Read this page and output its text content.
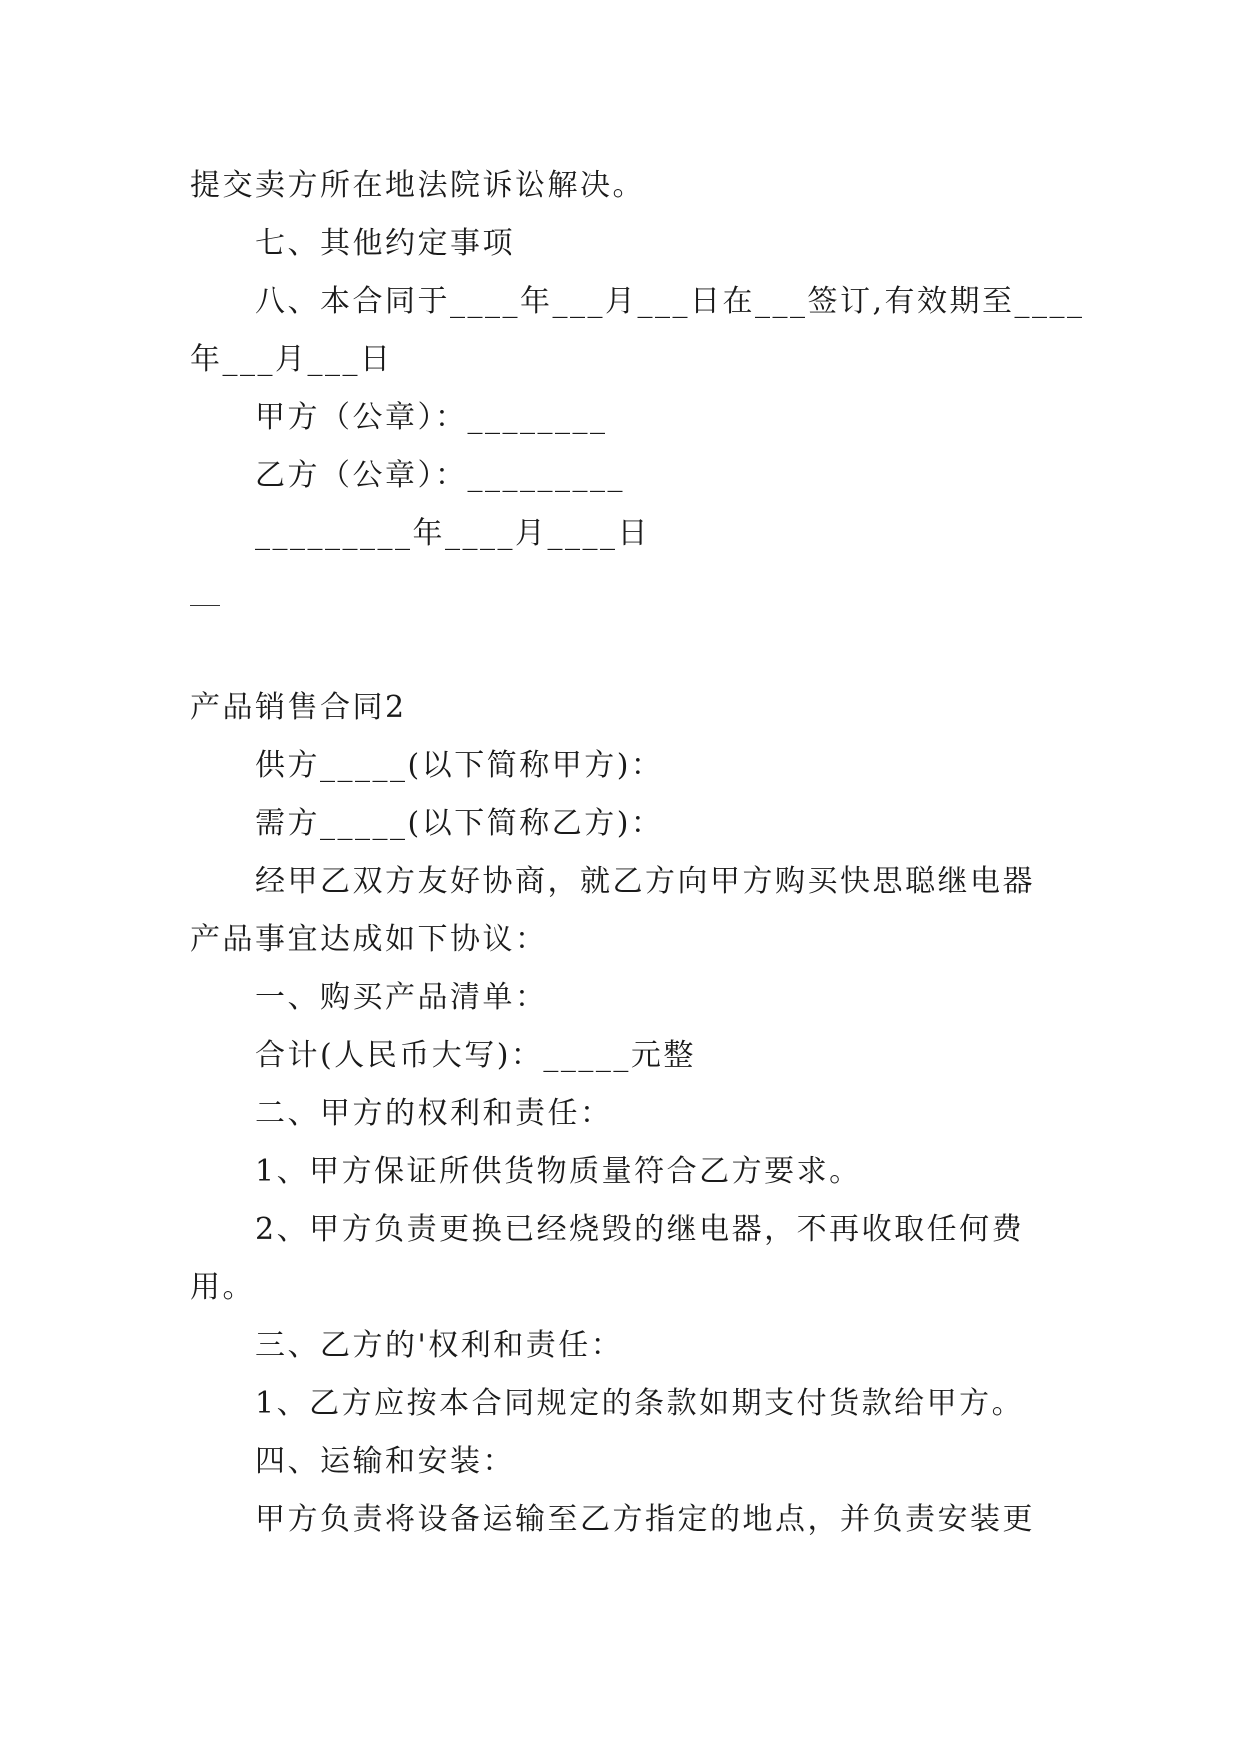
提交卖方所在地法院诉讼解决。
七、其他约定事项
八、本合同于____年___月___日在___签订,有效期至____
年___月___日
甲方（公章）：________
乙方（公章）：_________
_________年____月____日
产品销售合同2
供方_____(以下简称甲方)：
需方_____(以下简称乙方)：
经甲乙双方友好协商，就乙方向甲方购买快思聪继电器
产品事宜达成如下协议：
一、购买产品清单：
合计(人民币大写)：_____元整
二、甲方的权利和责任：
1、甲方保证所供货物质量符合乙方要求。
2、甲方负责更换已经烧毁的继电器，不再收取任何费
用。
三、乙方的'权利和责任：
1、乙方应按本合同规定的条款如期支付货款给甲方。
四、运输和安装：
甲方负责将设备运输至乙方指定的地点，并负责安装更
